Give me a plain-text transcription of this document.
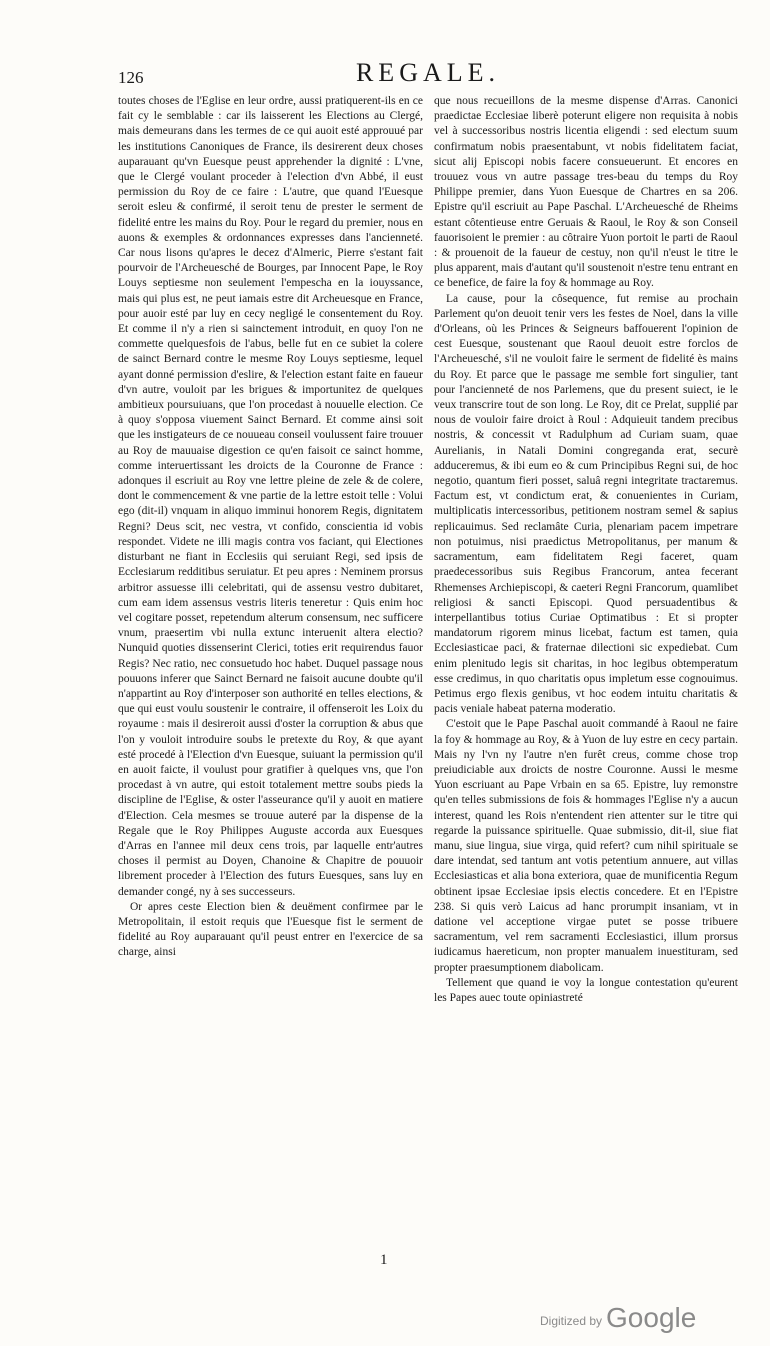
126	REGALE.

toutes choses de l'Eglise en leur ordre, aussi pratiquerent-ils en ce fait cy le semblable : car ils laisserent les Elections au Clergé, mais demeurans dans les termes de ce qui auoit esté approuué par les institutions Canoniques de France, ils desirerent deux choses auparauant qu'vn Euesque peust apprehender la dignité : L'vne, que le Clergé voulant proceder à l'election d'vn Abbé, il eust permission du Roy de ce faire : L'autre, que quand l'Euesque seroit esleu & confirmé, il seroit tenu de prester le serment de fidelité entre les mains du Roy. Pour le regard du premier, nous en auons & exemples & ordonnances expresses dans l'ancienneté. Car nous lisons qu'apres le decez d'Almeric, Pierre s'estant fait pourvoir de l'Archeuesché de Bourges, par Innocent Pape, le Roy Louys septiesme non seulement l'empescha en la iouyssance, mais qui plus est, ne peut iamais estre dit Archeuesque en France, pour auoir esté par luy en cecy negligé le consentement du Roy. Et comme il n'y a rien si sainctement introduit, en quoy l'on ne commette quelquesfois de l'abus, belle fut en ce subiet la colere de sainct Bernard contre le mesme Roy Louys septiesme, lequel ayant donné permission d'eslire, & l'election estant faite en faueur d'vn autre, vouloit par les brigues & importunitez de quelques ambitieux poursuiuans, que l'on procedast à nouuelle election. Ce à quoy s'opposa viuement Sainct Bernard. Et comme ainsi soit que les instigateurs de ce nouueau conseil voulussent faire trouuer au Roy de mauuaise digestion ce qu'en faisoit ce sainct homme, comme interuertissant les droicts de la Couronne de France : adonques il escriuit au Roy vne lettre pleine de zele & de colere, dont le commencement & vne partie de la lettre estoit telle : Volui ego (dit-il) vnquam in aliquo imminui honorem Regis, dignitatem Regni? Deus scit, nec vestra, vt confido, conscientia id vobis respondet. Videte ne illi magis contra vos faciant, qui Electiones disturbant ne fiant in Ecclesiis qui seruiant Regi, sed ipsis de Ecclesiarum redditibus seruiatur. Et peu apres : Neminem prorsus arbitror assuesse illi celebritati, qui de assensu vestro dubitaret, cum eam idem assensus vestris literis teneretur : Quis enim hoc vel cogitare posset, repetendum alterum consensum, nec sufficere vnum, praesertim vbi nulla extunc interuenit altera electio? Nunquid quoties dissenserint Clerici, toties erit requirendus fauor Regis? Nec ratio, nec consuetudo hoc habet. Duquel passage nous pouuons inferer que Sainct Bernard ne faisoit aucune doubte qu'il n'appartint au Roy d'interposer son authorité en telles elections, & que qui eust voulu soustenir le contraire, il offenseroit les Loix du royaume : mais il desireroit aussi d'oster la corruption & abus que l'on y vouloit introduire soubs le pretexte du Roy, & que ayant esté procedé à l'Election d'vn Euesque, suiuant la permission qu'il en auoit faicte, il voulust pour gratifier à quelques vns, que l'on procedast à vn autre, qui estoit totalement mettre soubs pieds la discipline de l'Eglise, & oster l'asseurance qu'il y auoit en matiere d'Election. Cela mesmes se trouue auteré par la dispense de la Regale que le Roy Philippes Auguste accorda aux Euesques d'Arras en l'annee mil deux cens trois, par laquelle entr'autres choses il permist au Doyen, Chanoine & Chapitre de pouuoir librement proceder à l'Election des futurs Euesques, sans luy en demander congé, ny à ses successeurs.

Or apres ceste Election bien & deuëment confirmee par le Metropolitain, il estoit requis que l'Euesque fist le serment de fidelité au Roy auparauant qu'il peust entrer en l'exercice de sa charge, ainsi

que nous recueillons de la mesme dispense d'Arras. Canonici praedictae Ecclesiae liberè poterunt eligere non requisita à nobis vel à successoribus nostris licentia eligendi : sed electum suum confirmatum nobis praesentabunt, vt nobis fidelitatem faciat, sicut alij Episcopi nobis facere consueuerunt. Et encores en trouuez vous vn autre passage tres-beau du temps du Roy Philippe premier, dans Yuon Euesque de Chartres en sa 206. Epistre qu'il escriuit au Pape Paschal. L'Archeuesché de Rheims estant côtentieuse entre Geruais & Raoul, le Roy & son Conseil fauorisoient le premier : au côtraire Yuon portoit le parti de Raoul : & prouenoit de la faueur de cestuy, non qu'il n'eust le titre le plus apparent, mais d'autant qu'il soustenoit n'estre tenu entrant en ce benefice, de faire la foy & hommage au Roy.

La cause, pour la côsequence, fut remise au prochain Parlement qu'on deuoit tenir vers les festes de Noel, dans la ville d'Orleans, où les Princes & Seigneurs baffouerent l'opinion de cest Euesque, soustenant que Raoul deuoit estre forclos de l'Archeuesché, s'il ne vouloit faire le serment de fidelité ès mains du Roy. Et parce que le passage me semble fort singulier, tant pour l'ancienneté de nos Parlemens, que du present suiect, ie le veux transcrire tout de son long. Le Roy, dit ce Prelat, supplié par nous de vouloir faire droict à Roul : Adquieuit tandem precibus nostris, & concessit vt Radulphum ad Curiam suam, quae Aurelianis, in Natali Domini congreganda erat, securè adduceremus, & ibi eum eo & cum Principibus Regni sui, de hoc negotio, quantum fieri posset, saluâ regni integritate tractaremus. Factum est, vt condictum erat, & conuenientes in Curiam, multiplicatis intercessoribus, petitionem nostram semel & sapius replicauimus. Sed reclamâte Curia, plenariam pacem impetrare non potuimus, nisi praedictus Metropolitanus, per manum & sacramentum, eam fidelitatem Regi faceret, quam praedecessoribus suis Regibus Francorum, antea fecerant Rhemenses Archiepiscopi, & caeteri Regni Francorum, quamlibet religiosi & sancti Episcopi. Quod persuadentibus & interpellantibus totius Curiae Optimatibus : Et si propter mandatorum rigorem minus licebat, factum est tamen, quia Ecclesiasticae paci, & fraternae dilectioni sic expediebat. Cum enim plenitudo legis sit charitas, in hoc legibus obtemperatum esse credimus, in quo charitatis opus impletum esse cognouimus. Petimus ergo flexis genibus, vt hoc eodem intuitu charitatis & pacis veniale habeat paterna moderatio.

C'estoit que le Pape Paschal auoit commandé à Raoul ne faire la foy & hommage au Roy, & à Yuon de luy estre en cecy partain. Mais ny l'vn ny l'autre n'en furêt creus, comme chose trop preiudiciable aux droicts de nostre Couronne. Aussi le mesme Yuon escriuant au Pape Vrbain en sa 65. Epistre, luy remonstre qu'en telles submissions de fois & hommages l'Eglise n'y a aucun interest, quand les Rois n'entendent rien attenter sur le titre qui regarde la puissance spirituelle. Quae submissio, dit-il, siue fiat manu, siue lingua, siue virga, quid refert? cum nihil spirituale se dare intendat, sed tantum ant votis petentium annuere, aut villas Ecclesiasticas et alia bona exteriora, quae de munificentia Regum obtinent ipsae Ecclesiae ipsis electis concedere. Et en l'Epistre 238. Si quis verò Laicus ad hanc prorumpit insaniam, vt in datione vel acceptione virgae putet se posse tribuere sacramentum, vel rem sacramenti Ecclesiastici, illum prorsus iudicamus haereticum, non propter manualem inuestituram, sed propter praesumptionem diabolicam.

Tellement que quand ie voy la longue contestation qu'eurent les Papes auec toute opiniastreté

1
Digitized by Google
